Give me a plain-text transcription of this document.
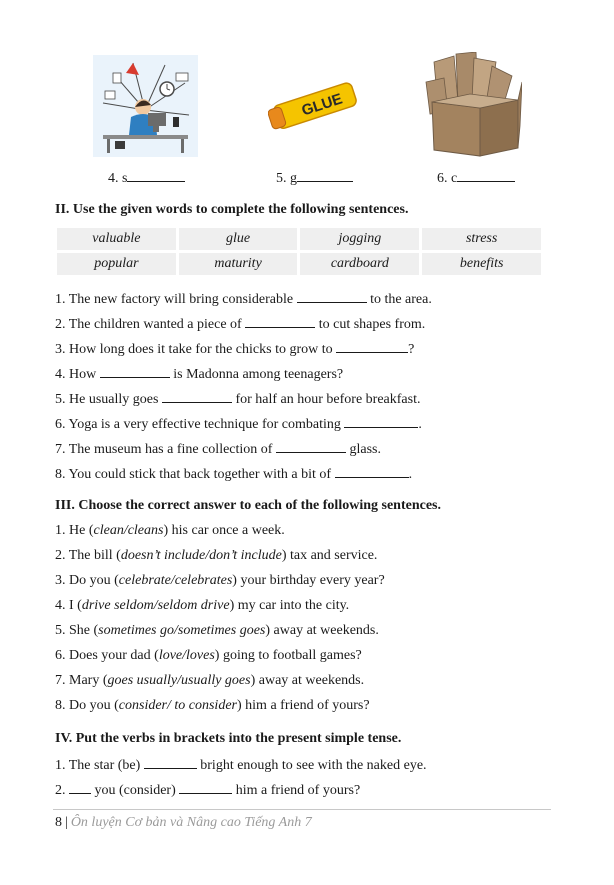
GLUE
4. s	5. g	6. c
II. Use the given words to complete the following sentences.
valuable	glue	jogging	stress
popular	maturity	cardboard	benefits
1. The new factory will bring considerable	to the area.
2. The children wanted a piece of	to cut shapes from.
3. How long does it take for the chicks to grow to	?
4. How	is Madonna among teenagers?
5. He usually goes	for half an hour before breakfast.
6. Yoga is a very effective technique for combating	.
7. The museum has a fine collection of	glass.
8. You could stick that back together with a bit of	.
III. Choose the correct answer to each of the following sentences.
1. He (clean/cleans) his car once a week.
2. The bill (doesn’t include/don’t include) tax and service.
3. Do you (celebrate/celebrates) your birthday every year?
4. I (drive seldom/seldom drive) my car into the city.
5. She (sometimes go/sometimes goes) away at weekends.
6. Does your dad (love/loves) going to football games?
7. Mary (goes usually/usually goes) away at weekends.
8. Do you (consider/ to consider) him a friend of yours?
IV. Put the verbs in brackets into the present simple tense.
1. The star (be)	bright enough to see with the naked eye.
2. you (consider)	him a friend of yours?
8 | Ôn luyện Cơ bản và Nâng cao Tiếng Anh 7
